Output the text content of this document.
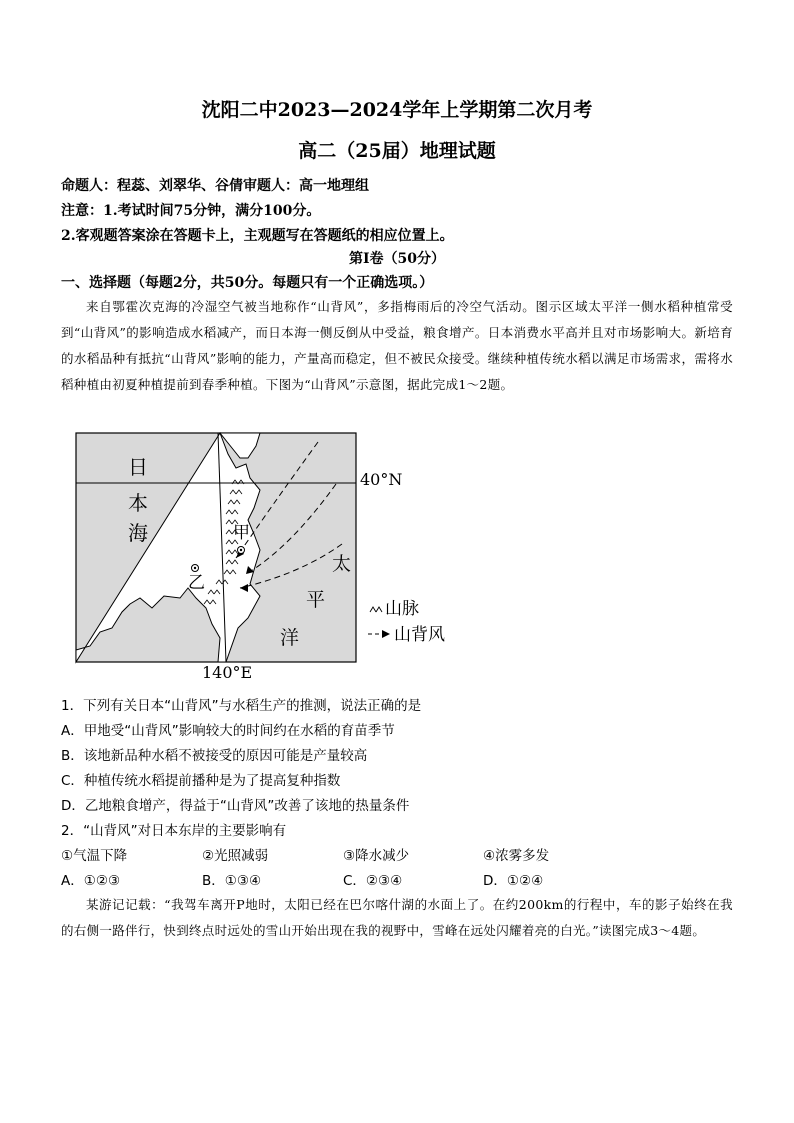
沈阳二中2023—2024学年上学期第二次月考
高二（25届）地理试题
命题人：程蕊、刘翠华、谷倩审题人：高一地理组
注意：1.考试时间75分钟，满分100分。
2.客观题答案涂在答题卡上，主观题写在答题纸的相应位置上。
第Ⅰ卷（50分）
一、选择题（每题2分，共50分。每题只有一个正确选项。）
来自鄂霍次克海的冷湿空气被当地称作“山背风”，多指梅雨后的冷空气活动。图示区域太平洋一侧水稻种植常受到“山背风”的影响造成水稻减产，而日本海一侧反倒从中受益，粮食增产。日本消费水平高并且对市场影响大。新培育的水稻品种有抵抗“山背风”影响的能力，产量高而稳定，但不被民众接受。继续种植传统水稻以满足市场需求，需将水稻种植由初夏种植提前到春季种植。下图为“山背风”示意图，据此完成1～2题。
日
本
海
太
平
洋
甲
乙
40°N
140°E
山脉
山背风
1．下列有关日本“山背风”与水稻生产的推测，说法正确的是
A．甲地受“山背风”影响较大的时间约在水稻的育苗季节
B．该地新品种水稻不被接受的原因可能是产量较高
C．种植传统水稻提前播种是为了提高复种指数
D．乙地粮食增产，得益于“山背风”改善了该地的热量条件
2．“山背风”对日本东岸的主要影响有
①气温下降	②光照减弱	③降水减少	④浓雾多发
A．①②③	B．①③④	C．②③④	D．①②④
某游记记载：“我驾车离开P地时，太阳已经在巴尔喀什湖的水面上了。在约200km的行程中，车的影子始终在我的右侧一路伴行，快到终点时远处的雪山开始出现在我的视野中，雪峰在远处闪耀着亮的白光。”读图完成3～4题。
